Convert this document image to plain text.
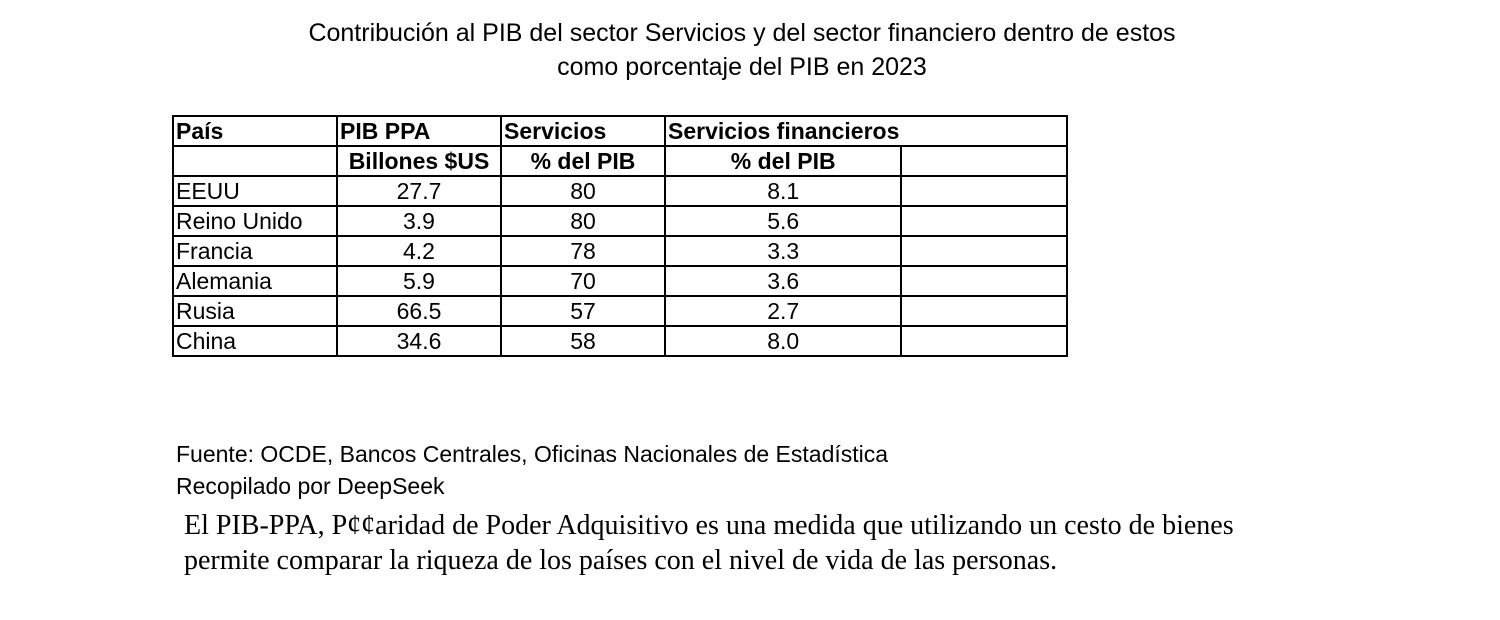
Contribución al PIB del sector Servicios y del sector financiero dentro de estos
como porcentaje del PIB en 2023
País	PIB PPA	Servicios	Servicios financieros	
	Billones $US	% del PIB	% del PIB	
EEUU	27.7	80	8.1	
Reino Unido	3.9	80	5.6	
Francia	4.2	78	3.3	
Alemania	5.9	70	3.6	
Rusia	66.5	57	2.7	
China	34.6	58	8.0	
Fuente: OCDE, Bancos Centrales, Oficinas Nacionales de Estadística
Recopilado por DeepSeek
El PIB-PPA, P¢¢aridad de Poder Adquisitivo es una medida que utilizando un cesto de bienes
permite comparar la riqueza de los países con el nivel de vida de las personas.
